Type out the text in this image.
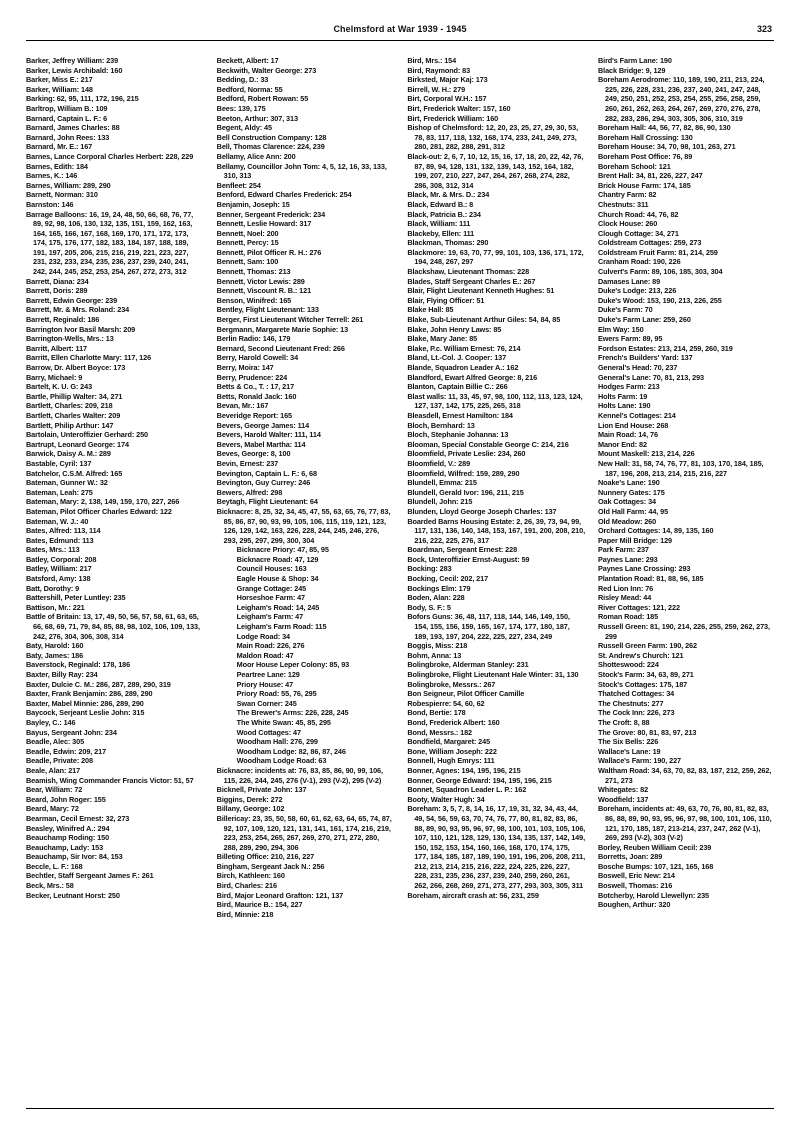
Chelmsford at War 1939 - 1945	323

Barker, Jeffrey William: 239

Barker, Lewis Archibald: 160

Barker, Miss E.: 217

Barker, William: 148

Barking: 62, 95, 111, 172, 196, 215

Barltrop, William B.: 109

Barnard, Captain L. F.: 6

Barnard, James Charles: 88

Barnard, John Rees: 133

Barnard, Mr. E.: 167

Barnes, Lance Corporal Charles Herbert: 228, 229

Barnes, Edith: 184

Barnes, K.: 146

Barnes, William: 289, 290

Barnett, Norman: 310

Barnston: 146

Barrage Balloons: 16, 19, 24, 48, 50, 66, 68, 76, 77, 89, 92, 98, 106, 130, 132, 135, 151, 159, 162, 163, 164, 165, 166, 167, 168, 169, 170, 171, 172, 173, 174, 175, 176, 177, 182, 183, 184, 187, 188, 189, 191, 197, 205, 206, 215, 216, 219, 221, 223, 227, 231, 232, 233, 234, 235, 236, 237, 239, 240, 241, 242, 244, 245, 252, 253, 254, 267, 272, 273, 312

Barrett, Diana: 234

Barrett, Doris: 289

Barrett, Edwin George: 239

Barrett, Mr. & Mrs. Roland: 234

Barrett, Reginald: 186

Barrington Ivor Basil Marsh: 209

Barrington-Wells, Mrs.: 13

Barritt, Albert: 117

Barritt, Ellen Charlotte Mary: 117, 126

Barrow, Dr. Albert Boyce: 173

Barry, Michael: 9

Bartelt, K. U. G: 243

Bartle, Phillip Walter: 34, 271

Bartlett, Charles: 209, 218

Bartlett, Charles Walter: 209

Bartlett, Philip Arthur: 147

Bartolain, Unteroffizier Gerhard: 250

Bartrupt, Leonard George: 174

Barwick, Daisy A. M.: 289

Bastable, Cyril: 137

Batchelor, C.S.M. Alfred: 165

Bateman, Gunner W.: 32

Bateman, Leah: 275

Bateman, Mary: 2, 138, 149, 159, 170, 227, 266

Bateman, Pilot Officer Charles Edward: 122

Bateman, W. J.: 40

Bates, Alfred: 113, 114

Bates, Edmund: 113

Bates, Mrs.: 113

Batley, Corporal: 208

Batley, William: 217

Batsford, Amy: 138

Batt, Dorothy: 9

Battershill, Peter Luntley: 235

Battison, Mr.: 221

Battle of Britain: 13, 17, 49, 50, 56, 57, 58, 61, 63, 65, 66, 68, 69, 71, 79, 84, 85, 88, 98, 102, 106, 109, 133, 242, 276, 304, 306, 308, 314

Baty, Harold: 160

Baty, James: 186

Baverstock, Reginald: 178, 186

Baxter, Billy Ray: 234

Baxter, Dulcie C. M.: 286, 287, 289, 290, 319

Baxter, Frank Benjamin: 286, 289, 290

Baxter, Mabel Minnie: 286, 289, 290

Baycock, Serjeant Leslie John: 315

Bayley, C.: 146

Bayus, Sergeant John: 234

Beadle, Alec: 305

Beadle, Edwin: 209, 217

Beadle, Private: 208

Beale, Alan: 217

Beamish, Wing Commander Francis Victor: 51, 57

Bear, William: 72

Beard, John Roger: 155

Beard, Mary: 72

Bearman, Cecil Ernest: 32, 273

Beasley, Winifred A.: 294

Beauchamp Roding: 150

Beauchamp, Lady: 153

Beauchamp, Sir Ivor: 84, 153

Beccle, L. F.: 168

Bechtler, Staff Sergeant James F.: 261

Beck, Mrs.: 58

Becker, Leutnant Horst: 250

Beckett, Albert: 17

Beckwith, Walter George: 273

Bedding, D.: 33

Bedford, Norma: 55

Bedford, Robert Rowan: 55

Bees: 139, 175

Beeton, Arthur: 307, 313

Begent, Aldy: 45

Bell Construction Company: 128

Bell, Thomas Clarence: 224, 239

Bellamy, Alice Ann: 200

Bellamy, Councillor John Tom: 4, 5, 12, 16, 33, 133, 310, 313

Benfleet: 254

Benford, Edward Charles Frederick: 254

Benjamin, Joseph: 15

Benner, Sergeant Frederick: 234

Bennett, Leslie Howard: 317

Bennett, Noel: 200

Bennett, Percy: 15

Bennett, Pilot Officer R. H.: 276

Bennett, Sam: 100

Bennett, Thomas: 213

Bennett, Victor Lewis: 289

Bennett, Viscount R. B.: 121

Benson, Winifred: 165

Bentley, Flight Lieutenant: 133

Berger, First Lieutenant Witcher Terrell: 261

Bergmann, Margarete Marie Sophie: 13

Berlin Radio: 146, 179

Bernard, Second Lieutenant Fred: 266

Berry, Harold Cowell: 34

Berry, Moira: 147

Berry, Prudence: 224

Betts & Co., T. : 17, 217

Betts, Ronald Jack: 160

Bevan, Mr.: 167

Beveridge Report: 165

Bevers, George James: 114

Bevers, Harold Walter: 111, 114

Bevers, Mabel Martha: 114

Beves, George: 8, 100

Bevin, Ernest: 237

Bevington, Captain L. F.: 6, 68

Bevington, Guy Currey: 246

Bewers, Alfred: 298

Beytagh, Flight Lieutenant: 64

Bicknacre: 8, 25, 32, 34, 45, 47, 55, 63, 65, 76, 77, 83, 85, 86, 87, 90, 93, 99, 105, 106, 115, 119, 121, 123, 126, 129, 142, 163, 226, 228, 244, 245, 246, 276, 293, 295, 297, 299, 300, 304

Bicknacre Priory: 47, 85, 95

Bicknacre Road: 47, 129

Council Houses: 163

Eagle House & Shop: 34

Grange Cottage: 245

Horseshoe Farm: 47

Leigham's Road: 14, 245

Leigham's Farm: 47

Leigham's Farm Road: 115

Lodge Road: 34

Main Road: 226, 276

Maldon Road: 47

Moor House Leper Colony: 85, 93

Peartree Lane: 129

Priory House: 47

Priory Road: 55, 76, 295

Swan Corner: 245

The Brewer's Arms: 226, 228, 245

The White Swan: 45, 85, 295

Wood Cottages: 47

Woodham Hall: 276, 299

Woodham Lodge: 82, 86, 87, 246

Woodham Lodge Road: 63

Bicknacre: incidents at: 76, 83, 85, 86, 90, 99, 106, 115, 226, 244, 245, 276 (V-1), 293 (V-2), 295 (V-2)

Bicknell, Private John: 137

Biggins, Derek: 272

Billany, George: 102

Billericay: 23, 35, 50, 58, 60, 61, 62, 63, 64, 65, 74, 87, 92, 107, 109, 120, 121, 131, 141, 161, 174, 216, 219, 223, 253, 254, 265, 267, 269, 270, 271, 272, 280, 288, 289, 290, 294, 306

Billeting Office: 210, 216, 227

Bingham, Sergeant Jack N.: 256

Birch, Kathleen: 160

Bird, Charles: 216

Bird, Major Leonard Grafton: 121, 137

Bird, Maurice B.: 154, 227

Bird, Minnie: 218

Bird, Mrs.: 154

Bird, Raymond: 83

Birksted, Major Kaj: 173

Birrell, W. H.: 279

Birt, Corporal W.H.: 157

Birt, Frederick Walter: 157, 160

Birt, Frederick William: 160

Bishop of Chelmsford: 12, 20, 23, 25, 27, 29, 30, 53, 78, 83, 117, 118, 132, 168, 174, 233, 241, 249, 273, 280, 281, 282, 288, 291, 312

Black-out: 2, 6, 7, 10, 12, 15, 16, 17, 18, 20, 22, 42, 76, 87, 89, 94, 128, 131, 132, 139, 143, 152, 164, 182, 199, 207, 210, 227, 247, 264, 267, 268, 274, 282, 286, 308, 312, 314

Black, Mr. & Mrs. D.: 234

Black, Edward B.: 8

Black, Patricia B.: 234

Black, William: 111

Blackeby, Ellen: 111

Blackman, Thomas: 290

Blackmore: 19, 63, 70, 77, 99, 101, 103, 136, 171, 172, 194, 248, 267, 297

Blackshaw, Lieutenant Thomas: 228

Blades, Staff Sergeant Charles E.: 267

Blair, Flight Lieutenant Kenneth Hughes: 51

Blair, Flying Officer: 51

Blake Hall: 85

Blake, Sub-Lieutenant Arthur Giles: 54, 84, 85

Blake, John Henry Laws: 85

Blake, Mary Jane: 85

Blake, P.c. William Ernest: 76, 214

Bland, Lt.-Col. J. Cooper: 137

Blande, Squadron Leader A.: 162

Blandford, Ewart Alfred George: 8, 216

Blanton, Captain Billie C.: 266

Blast walls: 11, 33, 45, 97, 98, 100, 112, 113, 123, 124, 127, 137, 142, 175, 225, 265, 318

Bleasdell, Ernest Hamilton: 184

Bloch, Bernhard: 13

Bloch, Stephanie Johanna: 13

Blooman, Special Constable George C: 214, 216

Bloomfield, Private Leslie: 234, 260

Bloomfield, V.: 289

Bloomfield, Wilfred: 159, 289, 290

Blundell, Emma: 215

Blundell, Gerald Ivor: 196, 211, 215

Blundell, John: 215

Blunden, Lloyd George Joseph Charles: 137

Boarded Barns Housing Estate: 2, 26, 39, 73, 94, 99, 117, 131, 136, 140, 148, 153, 167, 191, 200, 208, 210, 216, 222, 225, 276, 317

Boardman, Sergeant Ernest: 228

Bock, Unteroffizier Ernst-August: 59

Bocking: 283

Bocking, Cecil: 202, 217

Bockings Elm: 179

Boden, Alan: 228

Body, S. F.: 5

Bofors Guns: 36, 48, 117, 118, 144, 146, 149, 150, 154, 155, 156, 159, 165, 167, 174, 177, 180, 187, 189, 193, 197, 204, 222, 225, 227, 234, 249

Boggis, Miss: 218

Bohm, Anna: 13

Bolingbroke, Alderman Stanley: 231

Bolingbroke, Flight Lieutenant Hale Winter: 31, 130

Bolingbroke, Messrs.: 267

Bon Seigneur, Pilot Officer Camille

Robespierre: 54, 60, 62

Bond, Bertie: 178

Bond, Frederick Albert: 160

Bond, Messrs.: 182

Bondfield, Margaret: 245

Bone, William Joseph: 222

Bonnell, Hugh Emrys: 111

Bonner, Agnes: 194, 195, 196, 215

Bonner, George Edward: 194, 195, 196, 215

Bonnet, Squadron Leader L. P.: 162

Booty, Walter Hugh: 34

Boreham: 3, 5, 7, 8, 14, 16, 17, 19, 31, 32, 34, 43, 44, 49, 54, 56, 59, 63, 70, 74, 76, 77, 80, 81, 82, 83, 86, 88, 89, 90, 93, 95, 96, 97, 98, 100, 101, 103, 105, 106, 107, 110, 121, 128, 129, 130, 134, 135, 137, 142, 149, 150, 152, 153, 154, 160, 166, 168, 170, 174, 175, 177, 184, 185, 187, 189, 190, 191, 196, 206, 208, 211, 212, 213, 214, 215, 216, 222, 224, 225, 226, 227, 228, 231, 235, 236, 237, 239, 240, 259, 260, 261, 262, 266, 268, 269, 271, 273, 277, 293, 303, 305, 311

Boreham, aircraft crash at: 56, 231, 259

Bird's Farm Lane: 190

Black Bridge: 9, 129

Boreham Aerodrome: 110, 189, 190, 211, 213, 224, 225, 226, 228, 231, 236, 237, 240, 241, 247, 248, 249, 250, 251, 252, 253, 254, 255, 256, 258, 259, 260, 261, 262, 263, 264, 267, 269, 270, 276, 278, 282, 283, 286, 294, 303, 305, 306, 310, 319

Boreham Hall: 44, 56, 77, 82, 86, 90, 130

Boreham Hall Crossing: 130

Boreham House: 34, 70, 98, 101, 263, 271

Boreham Post Office: 76, 89

Boreham School: 121

Brent Hall: 34, 81, 226, 227, 247

Brick House Farm: 174, 185

Chantry Farm: 82

Chestnuts: 311

Church Road: 44, 76, 82

Clock House: 260

Clough Cottage: 34, 271

Coldstream Cottages: 259, 273

Coldstream Fruit Farm: 81, 214, 259

Cranham Road: 190, 226

Culvert's Farm: 89, 106, 185, 303, 304

Damases Lane: 89

Duke's Lodge: 213, 226

Duke's Wood: 153, 190, 213, 226, 255

Duke's Farm: 70

Duke's Farm Lane: 259, 260

Elm Way: 150

Ewers Farm: 89, 95

Fordson Estates: 213, 214, 259, 260, 319

French's Builders' Yard: 137

General's Head: 70, 237

General's Lane: 70, 81, 213, 293

Hodges Farm: 213

Holts Farm: 19

Holts Lane: 190

Kennel's Cottages: 214

Lion End House: 268

Main Road: 14, 76

Manor End: 82

Mount Maskell: 213, 214, 226

New Hall: 31, 58, 74, 76, 77, 81, 103, 170, 184, 185, 187, 196, 208, 213, 214, 215, 216, 227

Noake's Lane: 190

Nunnery Gates: 175

Oak Cottages: 34

Old Hall Farm: 44, 95

Old Meadow: 260

Orchard Cottages: 14, 89, 135, 160

Paper Mill Bridge: 129

Park Farm: 237

Paynes Lane: 293

Paynes Lane Crossing: 293

Plantation Road: 81, 88, 96, 185

Red Lion Inn: 76

Risley Mead: 44

River Cottages: 121, 222

Roman Road: 185

Russell Green: 81, 190, 214, 226, 255, 259, 262, 273, 299

Russell Green Farm: 190, 262

St. Andrew's Church: 121

Shotteswood: 224

Stock's Farm: 34, 63, 89, 271

Stock's Cottages: 175, 187

Thatched Cottages: 34

The Chestnuts: 277

The Cock Inn: 226, 273

The Croft: 8, 88

The Grove: 80, 81, 83, 97, 213

The Six Bells: 226

Wallace's Lane: 19

Wallace's Farm: 190, 227

Waltham Road: 34, 63, 70, 82, 83, 187, 212, 259, 262, 271, 273

Whitegates: 82

Woodfield: 137

Boreham, incidents at: 49, 63, 70, 76, 80, 81, 82, 83, 86, 88, 89, 90, 93, 95, 96, 97, 98, 100, 101, 106, 110, 121, 170, 185, 187, 213-214, 237, 247, 262 (V-1), 269, 293 (V-2), 303 (V-2)

Borley, Reuben William Cecil: 239

Borretts, Joan: 289

Bosche Bumps: 107, 121, 165, 168

Boswell, Eric New: 214

Boswell, Thomas: 216

Botcherby, Harold Llewellyn: 235

Boughen, Arthur: 320
